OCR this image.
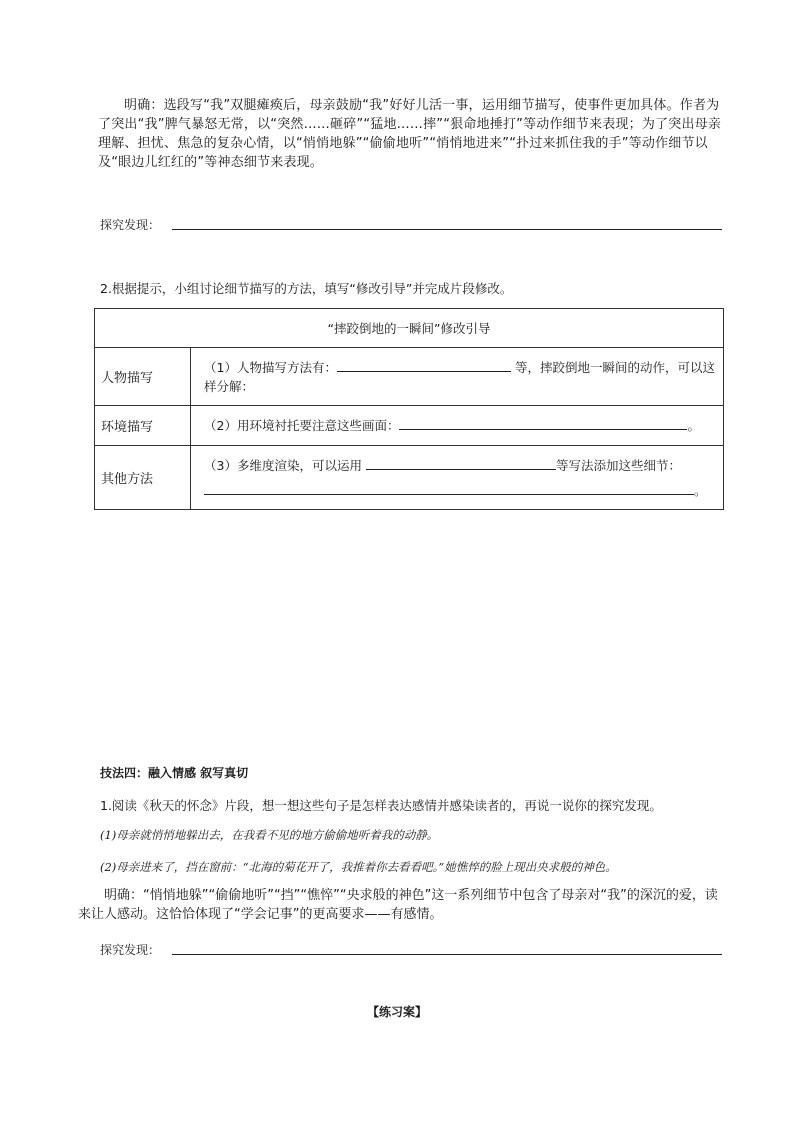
明确：选段写“我”双腿瘫痪后，母亲鼓励“我”好好儿活一事，运用细节描写，使事件更加具体。作者为了突出“我”脾气暴怒无常，以“突然……砸碎”“猛地……摔”“狠命地捶打”等动作细节来表现；为了突出母亲理解、担忧、焦急的复杂心情，以“悄悄地躲”“偷偷地听”“悄悄地进来”“扑过来抓住我的手”等动作细节以及“眼边儿红红的”等神态细节来表现。
探究发现：
2.根据提示，小组讨论细节描写的方法，填写“修改引导”并完成片段修改。
“摔跤倒地的一瞬间”修改引导	
人物描写	（1）人物描写方法有： 等，摔跤倒地一瞬间的动作，可以这样分解：
环境描写	（2）用环境衬托要注意这些画面： 。
其他方法	（3）多维度渲染，可以运用 等写法添加这些细节：
。
技法四：融入情感 叙写真切
1.阅读《秋天的怀念》片段，想一想这些句子是怎样表达感情并感染读者的，再说一说你的探究发现。
(1)母亲就悄悄地躲出去，在我看不见的地方偷偷地听着我的动静。
(2)母亲进来了，挡在窗前：“北海的菊花开了，我推着你去看看吧。”她憔悴的脸上现出央求般的神色。
明确：“悄悄地躲”“偷偷地听”“挡”“憔悴”“央求般的神色”这一系列细节中包含了母亲对“我”的深沉的爱，读来让人感动。这恰恰体现了“学会记事”的更高要求——有感情。
探究发现：
【练习案】
